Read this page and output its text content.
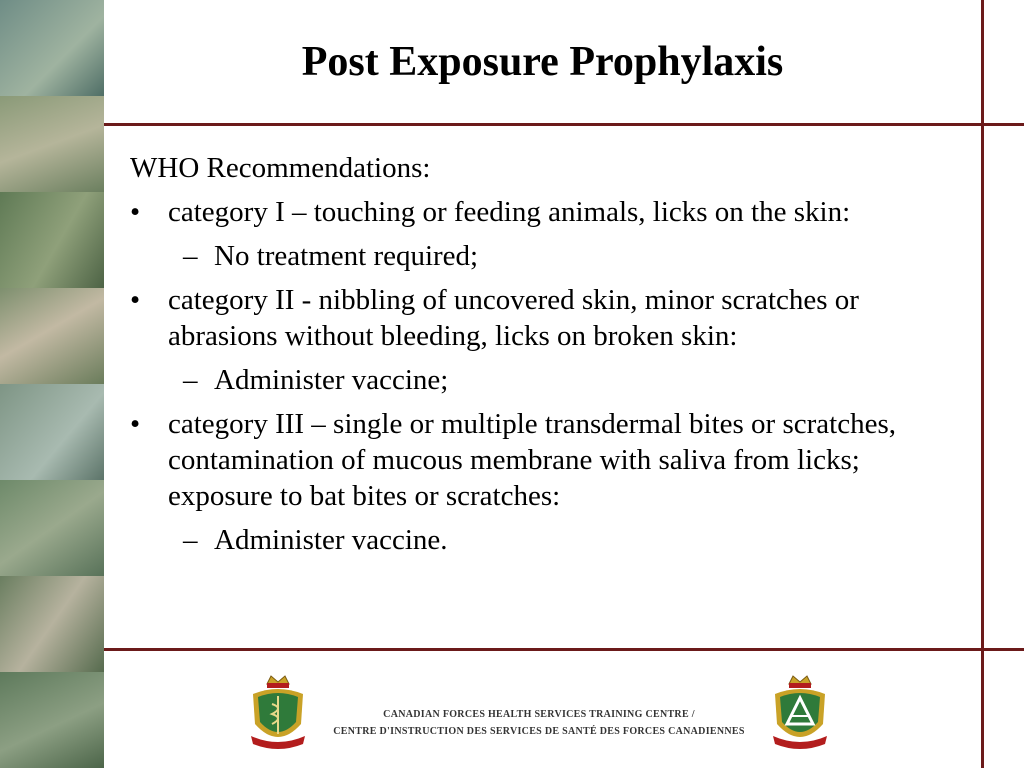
Post Exposure Prophylaxis

WHO Recommendations:

• category I – touching or feeding animals, licks on the skin:
– No treatment required;
• category II - nibbling of uncovered skin, minor scratches or abrasions without bleeding, licks on broken skin:
– Administer vaccine;
• category III – single or multiple transdermal bites or scratches, contamination of mucous membrane with saliva from licks; exposure to bat bites or scratches:
– Administer vaccine.
CANADIAN FORCES HEALTH SERVICES TRAINING CENTRE /
CENTRE D'INSTRUCTION DES SERVICES DE SANTÉ DES FORCES CANADIENNES
